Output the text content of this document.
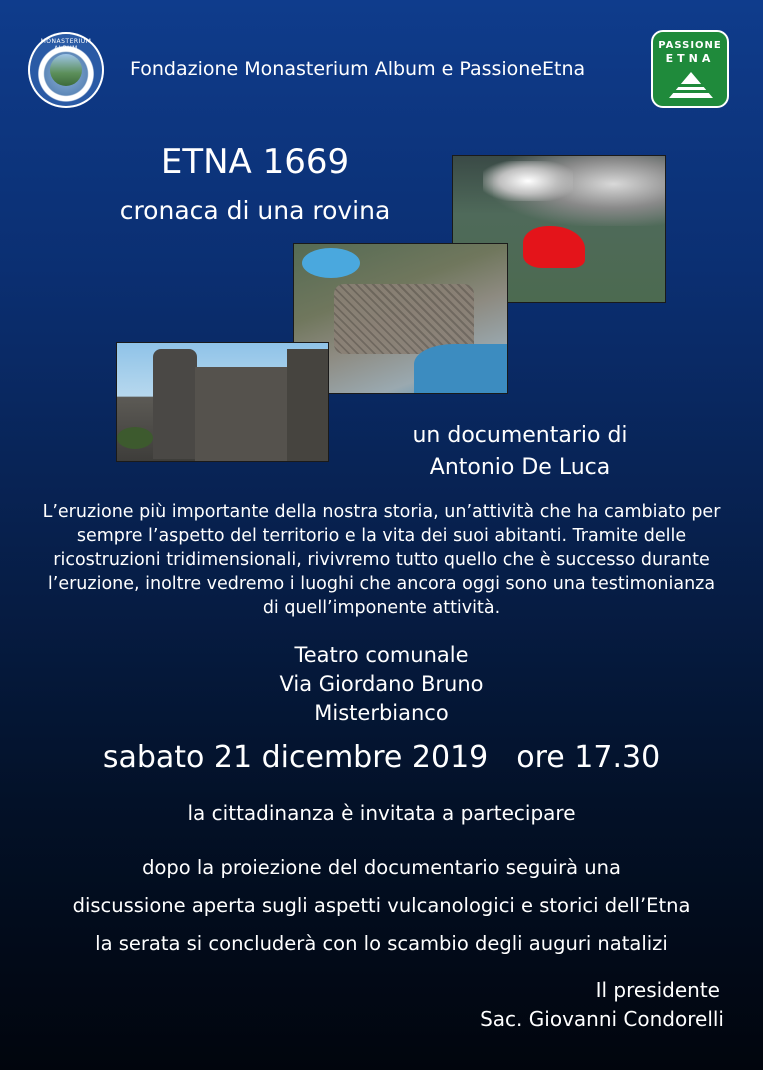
MONASTERIUM ALBUM
Fondazione Monasterium Album e PassioneEtna
PASSIONE
ETNA
ETNA 1669
cronaca di una rovina
un documentario di
Antonio De Luca
L’eruzione più importante della nostra storia, un’attività che ha cambiato per sempre l’aspetto del territorio e la vita dei suoi abitanti. Tramite delle ricostruzioni tridimensionali, rivivremo tutto quello che è successo durante l’eruzione, inoltre vedremo i luoghi che ancora oggi sono una testimonianza di quell’imponente attività.
Teatro comunale
Via Giordano Bruno
Misterbianco
sabato 21 dicembre 2019 ore 17.30
la cittadinanza è invitata a partecipare
dopo la proiezione del documentario seguirà una
discussione aperta sugli aspetti vulcanologici e storici dell’Etna
la serata si concluderà con lo scambio degli auguri natalizi
Il presidente
Sac. Giovanni Condorelli
